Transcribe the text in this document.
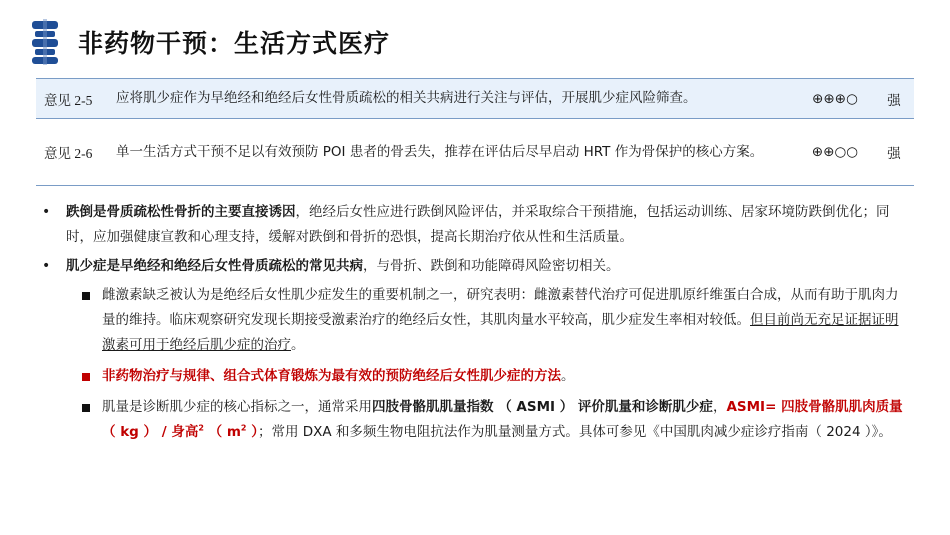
非药物干预：生活方式医疗
意见 2-5	应将肌少症作为早绝经和绝经后女性骨质疏松的相关共病进行关注与评估，开展肌少症风险筛查。	⊕⊕⊕○	强
意见 2-6	单一生活方式干预不足以有效预防 POI 患者的骨丢失，推荐在评估后尽早启动 HRT 作为骨保护的核心方案。	⊕⊕○○	强
• 跌倒是骨质疏松性骨折的主要直接诱因，绝经后女性应进行跌倒风险评估，并采取综合干预措施，包括运动训练、居家环境防跌倒优化；同时，应加强健康宣教和心理支持，缓解对跌倒和骨折的恐惧，提高长期治疗依从性和生活质量。
• 肌少症是早绝经和绝经后女性骨质疏松的常见共病，与骨折、跌倒和功能障碍风险密切相关。
雌激素缺乏被认为是绝经后女性肌少症发生的重要机制之一，研究表明：雌激素替代治疗可促进肌原纤维蛋白合成，从而有助于肌肉力量的维持。临床观察研究发现长期接受激素治疗的绝经后女性，其肌肉量水平较高，肌少症发生率相对较低。但目前尚无充足证据证明激素可用于绝经后肌少症的治疗。
非药物治疗与规律、组合式体育锻炼为最有效的预防绝经后女性肌少症的方法。
肌量是诊断肌少症的核心指标之一，通常采用四肢骨骼肌肌量指数 （ ASMI ） 评价肌量和诊断肌少症，ASMI= 四肢骨骼肌肌肉质量（ kg ） / 身高$^2$ （ $m^2$ ）；常用 DXA 和多频生物电阻抗法作为肌量测量方式。具体可参见《中国肌肉减少症诊疗指南（ 2024 ）》。
